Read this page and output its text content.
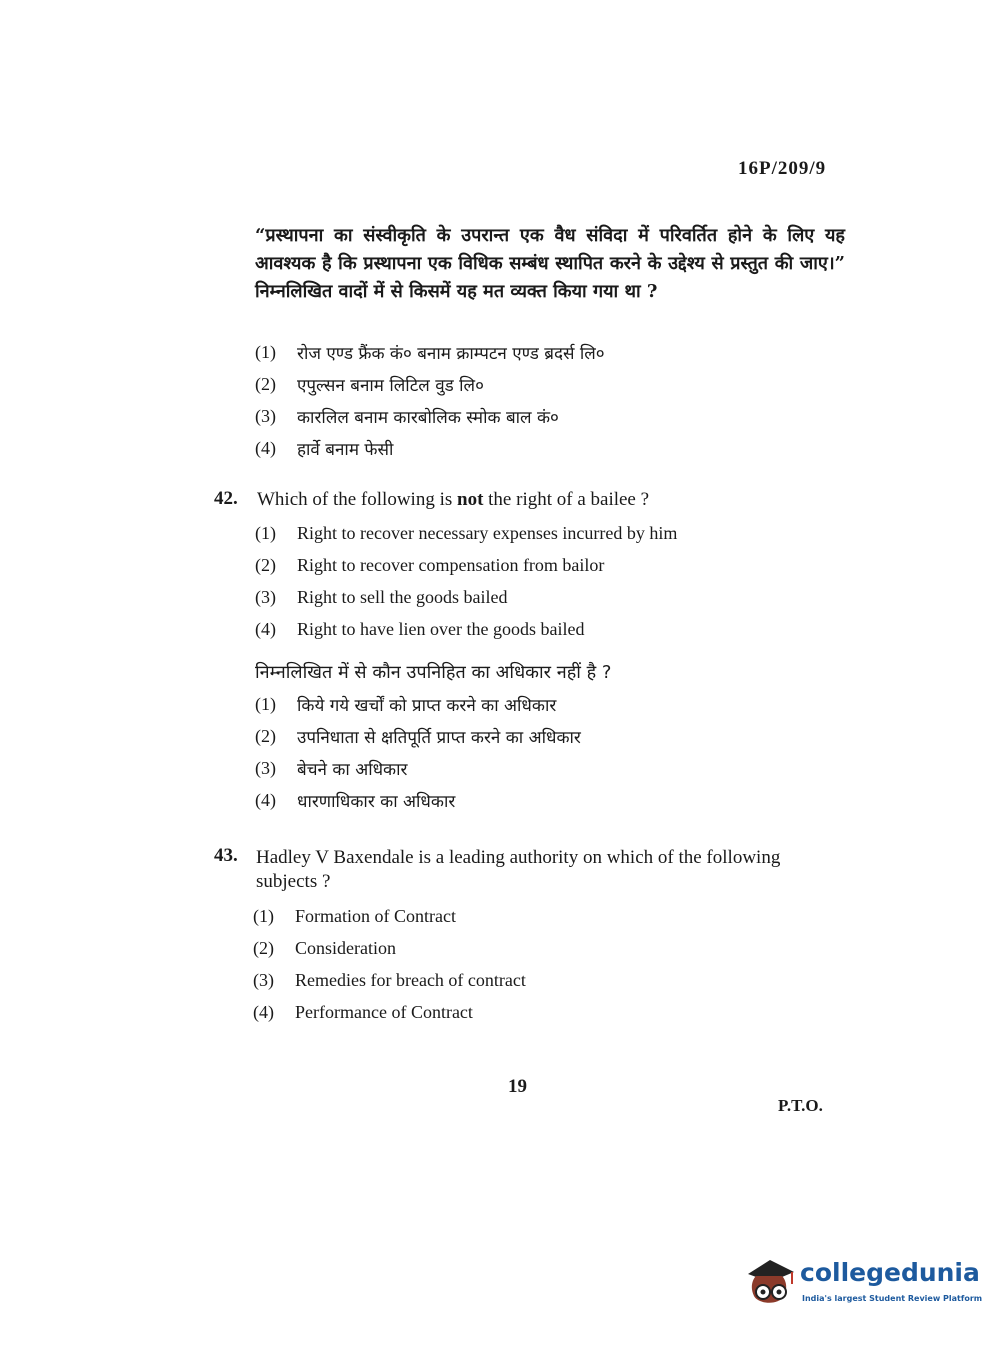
16P/209/9
“प्रस्थापना का संस्वीकृति के उपरान्त एक वैध संविदा में परिवर्तित होने के लिए यह आवश्यक है कि प्रस्थापना एक विधिक सम्बंध स्थापित करने के उद्देश्य से प्रस्तुत की जाए।” निम्नलिखित वादों में से किसमें यह मत व्यक्त किया गया था ?
(1)	रोज एण्ड फ्रैंक कं० बनाम क्राम्पटन एण्ड ब्रदर्स लि०
(2)	एपुल्सन बनाम लिटिल वुड लि०
(3)	कारलिल बनाम कारबोलिक स्मोक बाल कं०
(4)	हार्वे बनाम फेसी
42. Which of the following is not the right of a bailee ?
(1)	Right to recover necessary expenses incurred by him
(2)	Right to recover compensation from bailor
(3)	Right to sell the goods bailed
(4)	Right to have lien over the goods bailed
निम्नलिखित में से कौन उपनिहित का अधिकार नहीं है ?
(1)	किये गये खर्चों को प्राप्त करने का अधिकार
(2)	उपनिधाता से क्षतिपूर्ति प्राप्त करने का अधिकार
(3)	बेचने का अधिकार
(4)	धारणाधिकार का अधिकार
43. Hadley V Baxendale is a leading authority on which of the following subjects ?
(1)	Formation of Contract
(2)	Consideration
(3)	Remedies for breach of contract
(4)	Performance of Contract
19
P.T.O.
collegedunia
India's largest Student Review Platform
